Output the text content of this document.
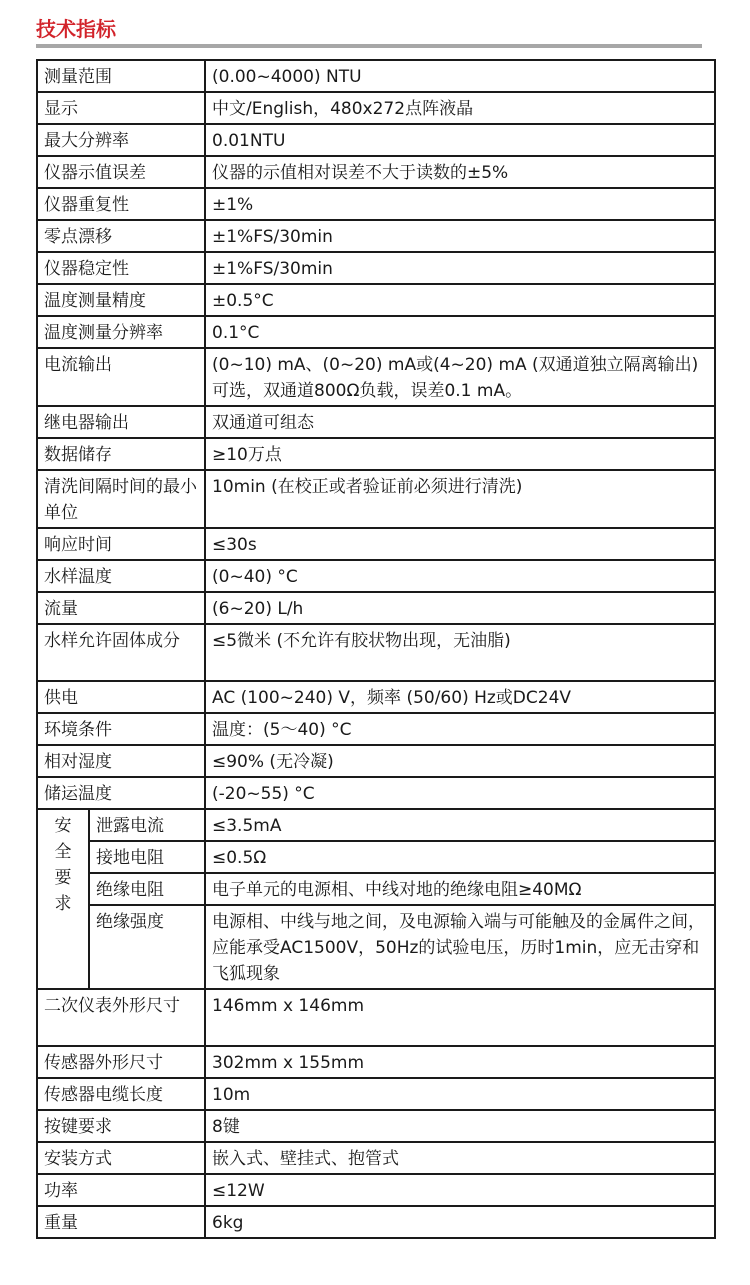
技术指标
测量范围		(0.00~4000) NTU
显示		中文/English，480x272点阵液晶
最大分辨率		0.01NTU
仪器示值误差		仪器的示值相对误差不大于读数的±5%
仪器重复性		±1%
零点漂移		±1%FS/30min
仪器稳定性		±1%FS/30min
温度测量精度		±0.5°C
温度测量分辨率		0.1°C
电流输出		(0~10) mA、(0~20) mA或(4~20) mA (双通道独立隔离输出) 可选，双通道800Ω负载，误差0.1 mA。
继电器输出		双通道可组态
数据储存		≥10万点
清洗间隔时间的最小单位		10min (在校正或者验证前必须进行清洗)
响应时间		≤30s
水样温度		(0~40) °C
流量		(6~20) L/h
水样允许固体成分		≤5微米 (不允许有胶状物出现，无油脂)
供电		AC (100~240) V，频率 (50/60) Hz或DC24V
环境条件		温度：(5〜40) °C
相对湿度		≤90% (无冷凝)
储运温度		(-20~55) °C

安
全
要
求	泄露电流	≤3.5mA
	接地电阻	≤0.5Ω
	绝缘电阻	电子单元的电源相、中线对地的绝缘电阻≥40MΩ
	绝缘强度	电源相、中线与地之间，及电源输入端与可能触及的金属件之间，应能承受AC1500V，50Hz的试验电压，历时1min，应无击穿和飞狐现象
二次仪表外形尺寸		146mm x 146mm
传感器外形尺寸		302mm x 155mm
传感器电缆长度		10m
按键要求		8键
安装方式		嵌入式、壁挂式、抱管式
功率		≤12W
重量		6kg
